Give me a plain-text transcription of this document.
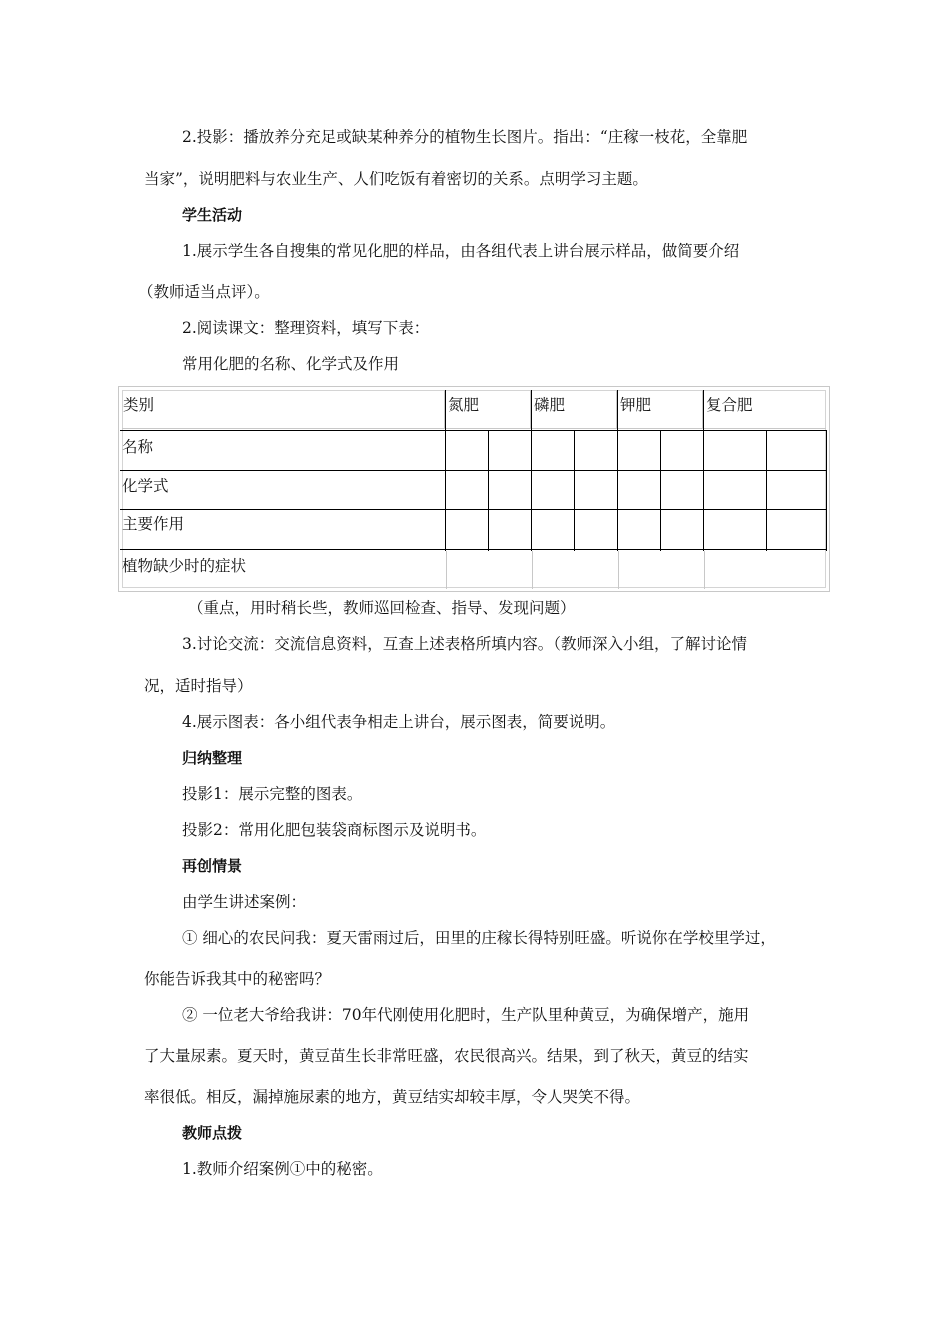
2.投影：播放养分充足或缺某种养分的植物生长图片。指出：“庄稼一枝花，全靠肥
当家”，说明肥料与农业生产、人们吃饭有着密切的关系。点明学习主题。
学生活动
1.展示学生各自搜集的常见化肥的样品，由各组代表上讲台展示样品，做简要介绍
（教师适当点评）。
2.阅读课文：整理资料，填写下表：
常用化肥的名称、化学式及作用
类别	氮肥	磷肥	钾肥	复合肥
名称
化学式
主要作用
植物缺少时的症状
（重点，用时稍长些，教师巡回检查、指导、发现问题）
3.讨论交流：交流信息资料，互查上述表格所填内容。（教师深入小组，了解讨论情
况，适时指导）
4.展示图表：各小组代表争相走上讲台，展示图表，简要说明。
归纳整理
投影1：展示完整的图表。
投影2：常用化肥包装袋商标图示及说明书。
再创情景
由学生讲述案例：
① 细心的农民问我：夏天雷雨过后，田里的庄稼长得特别旺盛。听说你在学校里学过，
你能告诉我其中的秘密吗？
② 一位老大爷给我讲：70年代刚使用化肥时，生产队里种黄豆，为确保增产，施用
了大量尿素。夏天时，黄豆苗生长非常旺盛，农民很高兴。结果，到了秋天，黄豆的结实
率很低。相反，漏掉施尿素的地方，黄豆结实却较丰厚，令人哭笑不得。
教师点拨
1.教师介绍案例①中的秘密。
